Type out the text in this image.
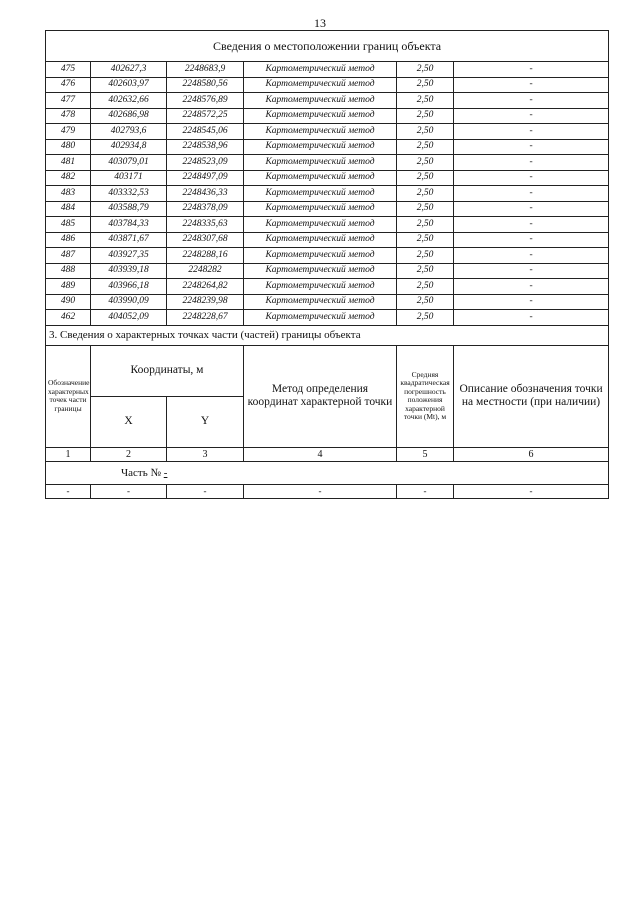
13
Сведения о местоположении границ объекта					
475	402627,3	2248683,9	Картометрический метод	2,50	-
476	402603,97	2248580,56	Картометрический метод	2,50	-
477	402632,66	2248576,89	Картометрический метод	2,50	-
478	402686,98	2248572,25	Картометрический метод	2,50	-
479	402793,6	2248545,06	Картометрический метод	2,50	-
480	402934,8	2248538,96	Картометрический метод	2,50	-
481	403079,01	2248523,09	Картометрический метод	2,50	-
482	403171	2248497,09	Картометрический метод	2,50	-
483	403332,53	2248436,33	Картометрический метод	2,50	-
484	403588,79	2248378,09	Картометрический метод	2,50	-
485	403784,33	2248335,63	Картометрический метод	2,50	-
486	403871,67	2248307,68	Картометрический метод	2,50	-
487	403927,35	2248288,16	Картометрический метод	2,50	-
488	403939,18	2248282	Картометрический метод	2,50	-
489	403966,18	2248264,82	Картометрический метод	2,50	-
490	403990,09	2248239,98	Картометрический метод	2,50	-
462	404052,09	2248228,67	Картометрический метод	2,50	-
3. Сведения о характерных точках части (частей) границы объекта					
Обозначение характерных точек части границы	Координаты, м		Метод определения координат характерной точки	Средняя квадратическая погрешность положения характерной точки (Mt), м	Описание обозначения точки на местности (при наличии)
	X	Y			
1	2	3	4	5	6
Часть № -					
-	-	-	-	-	-
